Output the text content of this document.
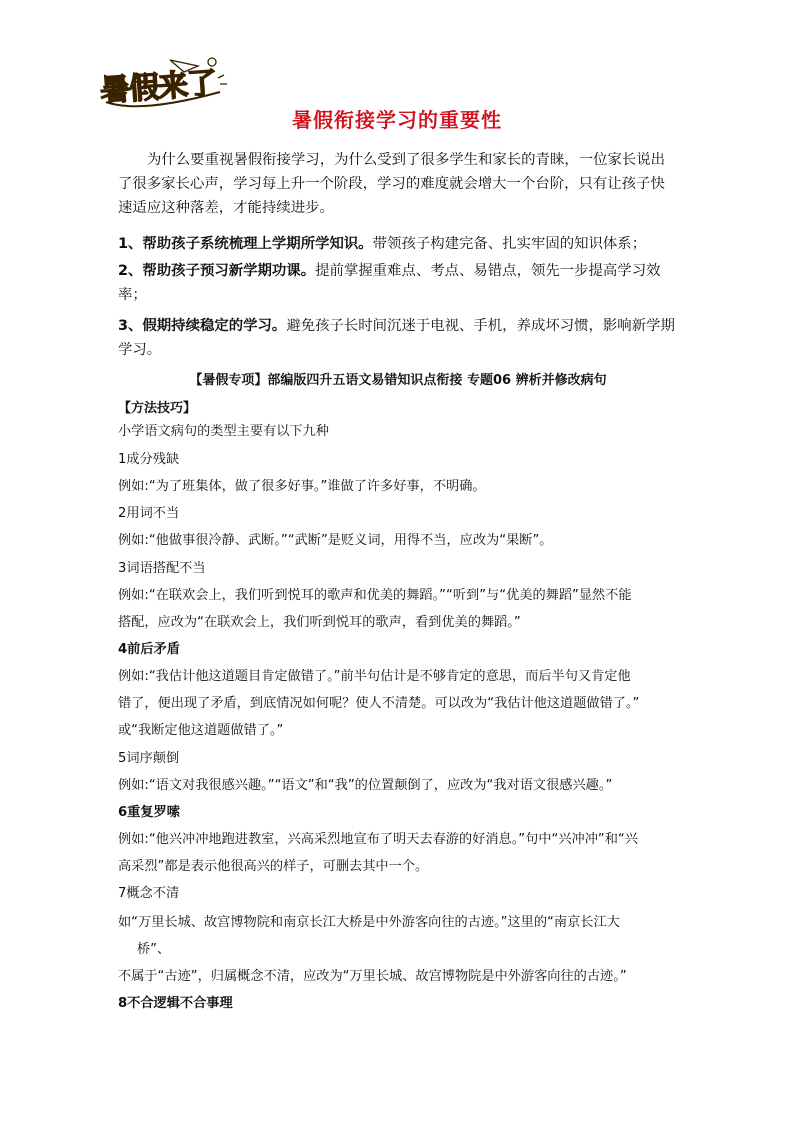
暑假来了
暑假衔接学习的重要性

为什么要重视暑假衔接学习，为什么受到了很多学生和家长的青睐，一位家长说出了很多家长心声，学习每上升一个阶段，学习的难度就会增大一个台阶，只有让孩子快速适应这种落差，才能持续进步。

1、帮助孩子系统梳理上学期所学知识。带领孩子构建完备、扎实牢固的知识体系；

2、帮助孩子预习新学期功课。提前掌握重难点、考点、易错点，领先一步提高学习效率；

3、假期持续稳定的学习。避免孩子长时间沉迷于电视、手机，养成坏习惯，影响新学期学习。

【暑假专项】部编版四升五语文易错知识点衔接 专题06 辨析并修改病句
【方法技巧】
小学语文病句的类型主要有以下九种
1成分残缺
例如:“为了班集体，做了很多好事。”谁做了许多好事，不明确。
2用词不当
例如:“他做事很冷静、武断。”“武断”是贬义词，用得不当，应改为“果断”。
3词语搭配不当
例如:“在联欢会上，我们听到悦耳的歌声和优美的舞蹈。”“听到”与“优美的舞蹈”显然不能
搭配，应改为“在联欢会上，我们听到悦耳的歌声，看到优美的舞蹈。”
4前后矛盾
例如:“我估计他这道题目肯定做错了。”前半句估计是不够肯定的意思，而后半句又肯定他
错了，便出现了矛盾，到底情况如何呢？使人不清楚。可以改为“我估计他这道题做错了。”
或“我断定他这道题做错了。”
5词序颠倒
例如:“语文对我很感兴趣。”“语文”和“我”的位置颠倒了，应改为“我对语文很感兴趣。”
6重复罗嗦
例如:“他兴冲冲地跑进教室，兴高采烈地宣布了明天去春游的好消息。”句中“兴冲冲”和“兴
高采烈”都是表示他很高兴的样子，可删去其中一个。
7概念不清
如“万里长城、故宫博物院和南京长江大桥是中外游客向往的古迹。”这里的“南京长江大
桥”、
不属于“古迹”，归属概念不清，应改为“万里长城、故宫博物院是中外游客向往的古迹。”
8不合逻辑不合事理
